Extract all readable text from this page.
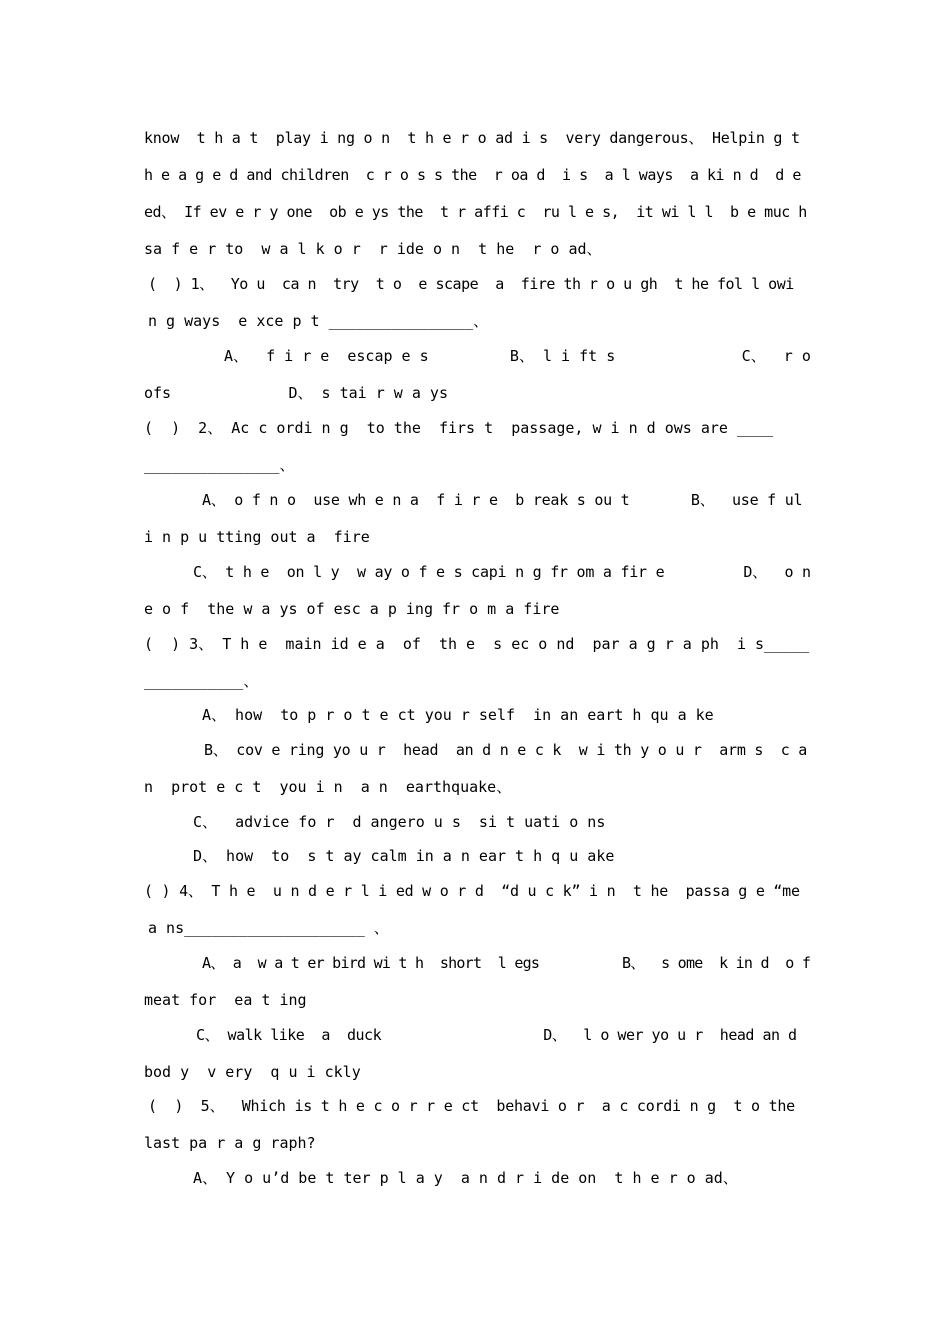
know  t h a t  play i ng o n  t h e r o ad i s  very dangerous、 Helpin g t
h e a g e d and children  c r o s s the  r oa d  i s  a l ways  a ki n d  d e
ed、 If ev e r y one  ob e ys the  t r affi c  ru l e s,  it wi l l  b e muc h
sa f e r to  w a l k o r  r ide o n  t he  r o ad、
(  ) 1、  Yo u  ca n  try  t o  e scape  a  fire th r o u gh  t he fol l owi
n g ways  e xce p t ________________、
A、  f i r e  escap e s         B、 l i ft s              C、  r o
ofs             D、 s tai r w a ys
(  )  2、 Ac c ordi n g  to the  firs t  passage, w i n d ows are ____
_______________、
A、 o f n o  use wh e n a  f i r e  b reak s ou t       B、  use f ul
i n p u tting out a  fire
C、 t h e  on l y  w ay o f e s capi n g fr om a fir e         D、  o n
e o f  the w a ys of esc a p ing fr o m a fire
(  ) 3、 T h e  main id e a  of  th e  s ec o nd  par a g r a ph  i s_____
___________、
A、 how  to p r o t e ct you r self  in an eart h qu a ke
B、 cov e ring yo u r  head  an d n e c k  w i th y o u r  arm s  c a
n  prot e c t  you i n  a n  earthquake、
C、  advice fo r  d angero u s  si t uati o ns
D、 how  to  s t ay calm in a n ear t h q u ake
( ) 4、 T h e  u n d e r l i ed w o r d  “d u c k” i n  t he  passa g e “me
a ns____________________ 、
A、 a  w a t er bird wi t h  short  l egs          B、  s ome  k in d  o f
meat for  ea t ing
C、 walk like  a  duck                   D、  l o wer yo u r  head an d
bod y  v ery  q u i ckly
(  )  5、  Which is t h e c o r r e ct  behavi o r  a c cordi n g  t o the
last pa r a g raph?
A、 Y o u’d be t ter p l a y  a n d r i de on  t h e r o ad、
